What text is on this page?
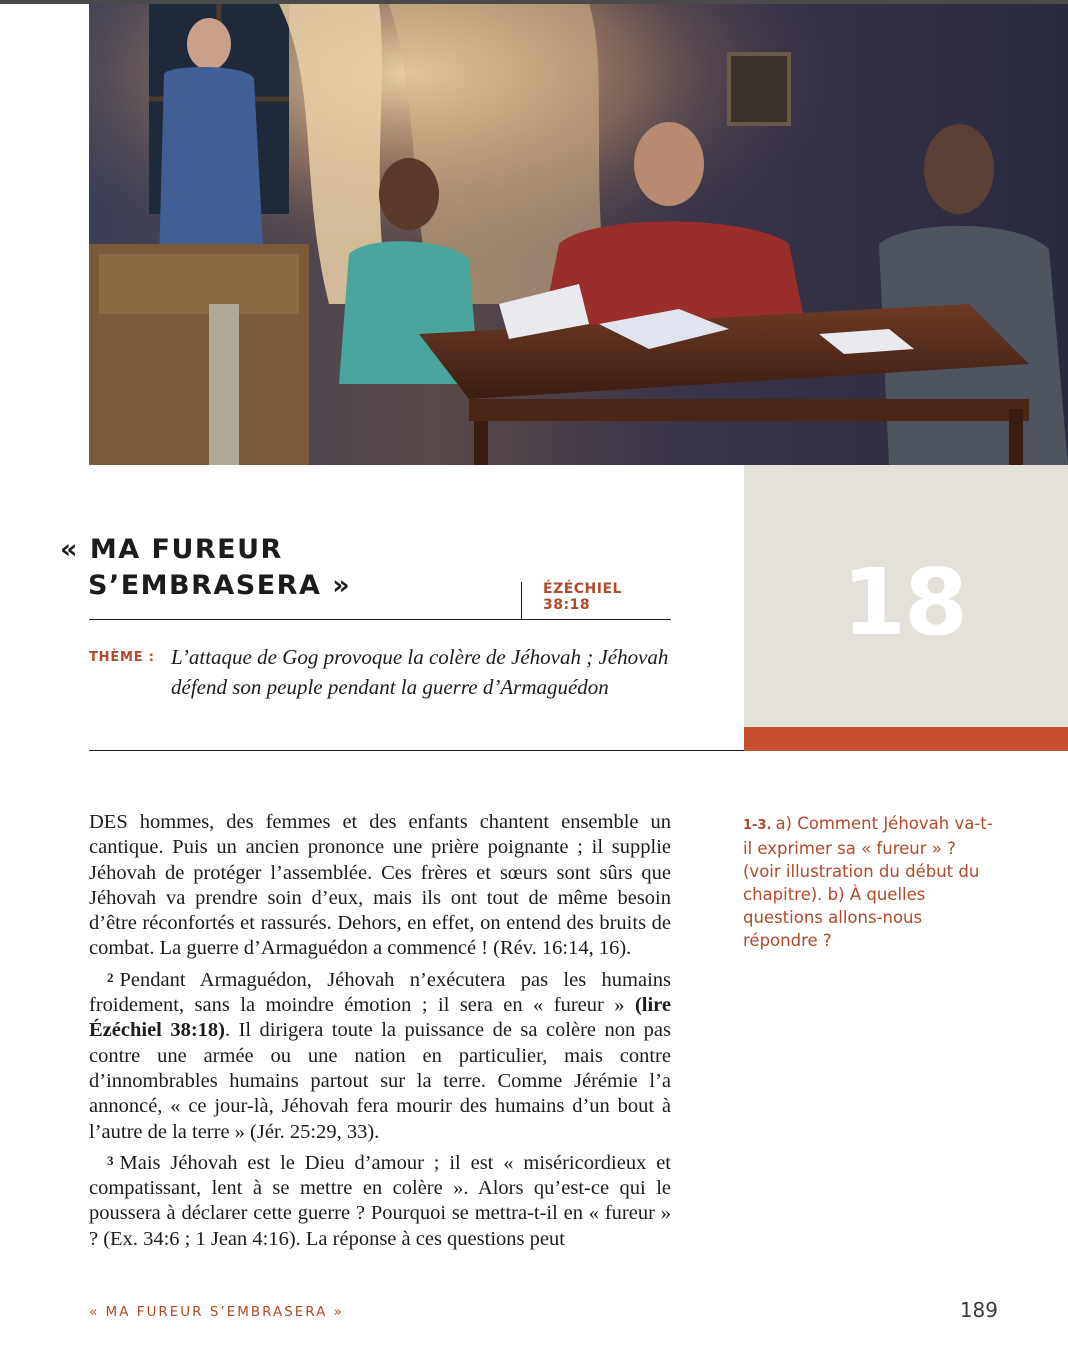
18
« MA FUREUR
S’EMBRASERA »	ÉZÉCHIEL 38:18
THÈME : L’attaque de Gog provoque la colère de Jéhovah ; Jéhovah défend son peuple pendant la guerre d’Armaguédon

DES hommes, des femmes et des enfants chantent ensemble un cantique. Puis un ancien prononce une prière poignante ; il supplie Jéhovah de protéger l’assemblée. Ces frères et sœurs sont sûrs que Jéhovah va prendre soin d’eux, mais ils ont tout de même besoin d’être réconfortés et rassurés. Dehors, en effet, on entend des bruits de combat. La guerre d’Armaguédon a commencé ! (Rév. 16:14, 16).

2 Pendant Armaguédon, Jéhovah n’exécutera pas les humains froidement, sans la moindre émotion ; il sera en « fureur » (lire Ézéchiel 38:18). Il dirigera toute la puissance de sa colère non pas contre une armée ou une nation en particulier, mais contre d’innombrables humains partout sur la terre. Comme Jérémie l’a annoncé, « ce jour-là, Jéhovah fera mourir des humains d’un bout à l’autre de la terre » (Jér. 25:29, 33).

3 Mais Jéhovah est le Dieu d’amour ; il est « miséricordieux et compatissant, lent à se mettre en colère ». Alors qu’est-ce qui le poussera à déclarer cette guerre ? Pourquoi se mettra-t-il en « fureur » ? (Ex. 34:6 ; 1 Jean 4:16). La réponse à ces questions peut

1-3. a) Comment Jéhovah va-t-il exprimer sa « fureur » ? (voir illustration du début du chapitre). b) À quelles questions allons-nous répondre ?
« MA FUREUR S’EMBRASERA »	189
